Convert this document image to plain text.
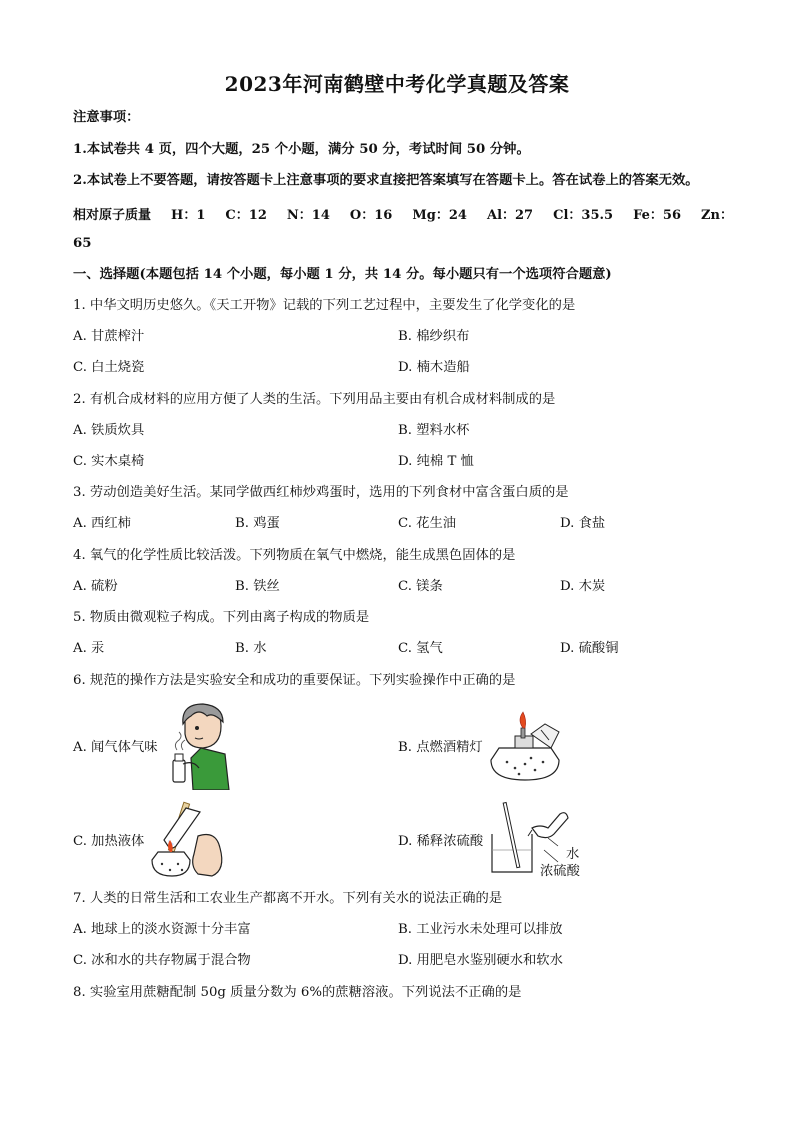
2023年河南鹤壁中考化学真题及答案
注意事项：
1.本试卷共 4 页，四个大题，25 个小题，满分 50 分，考试时间 50 分钟。
2.本试卷上不要答题，请按答题卡上注意事项的要求直接把答案填写在答题卡上。答在试卷上的答案无效。
相对原子质量 H：1 C：12 N：14 O：16 Mg：24 Al：27 Cl：35.5 Fe：56 Zn：
65
一、选择题(本题包括 14 个小题，每小题 1 分，共 14 分。每小题只有一个选项符合题意)
1. 中华文明历史悠久。《天工开物》记载的下列工艺过程中，主要发生了化学变化的是
A. 甘蔗榨汁	B. 棉纱织布
C. 白土烧瓷	D. 楠木造船
2. 有机合成材料的应用方便了人类的生活。下列用品主要由有机合成材料制成的是
A. 铁质炊具	B. 塑料水杯
C. 实木桌椅	D. 纯棉 T 恤
3. 劳动创造美好生活。某同学做西红柿炒鸡蛋时，选用的下列食材中富含蛋白质的是
A. 西红柿	B. 鸡蛋	C. 花生油	D. 食盐
4. 氧气的化学性质比较活泼。下列物质在氧气中燃烧，能生成黑色固体的是
A. 硫粉	B. 铁丝	C. 镁条	D. 木炭
5. 物质由微观粒子构成。下列由离子构成的物质是
A. 汞	B. 水	C. 氢气	D. 硫酸铜
6. 规范的操作方法是实验安全和成功的重要保证。下列实验操作中正确的是
A. 闻气体气味	B. 点燃酒精灯
C. 加热液体	D. 稀释浓硫酸
水
浓硫酸
7. 人类的日常生活和工农业生产都离不开水。下列有关水的说法正确的是
A. 地球上的淡水资源十分丰富	B. 工业污水未处理可以排放
C. 冰和水的共存物属于混合物	D. 用肥皂水鉴别硬水和软水
8. 实验室用蔗糖配制 50g 质量分数为 6%的蔗糖溶液。下列说法不正确的是
